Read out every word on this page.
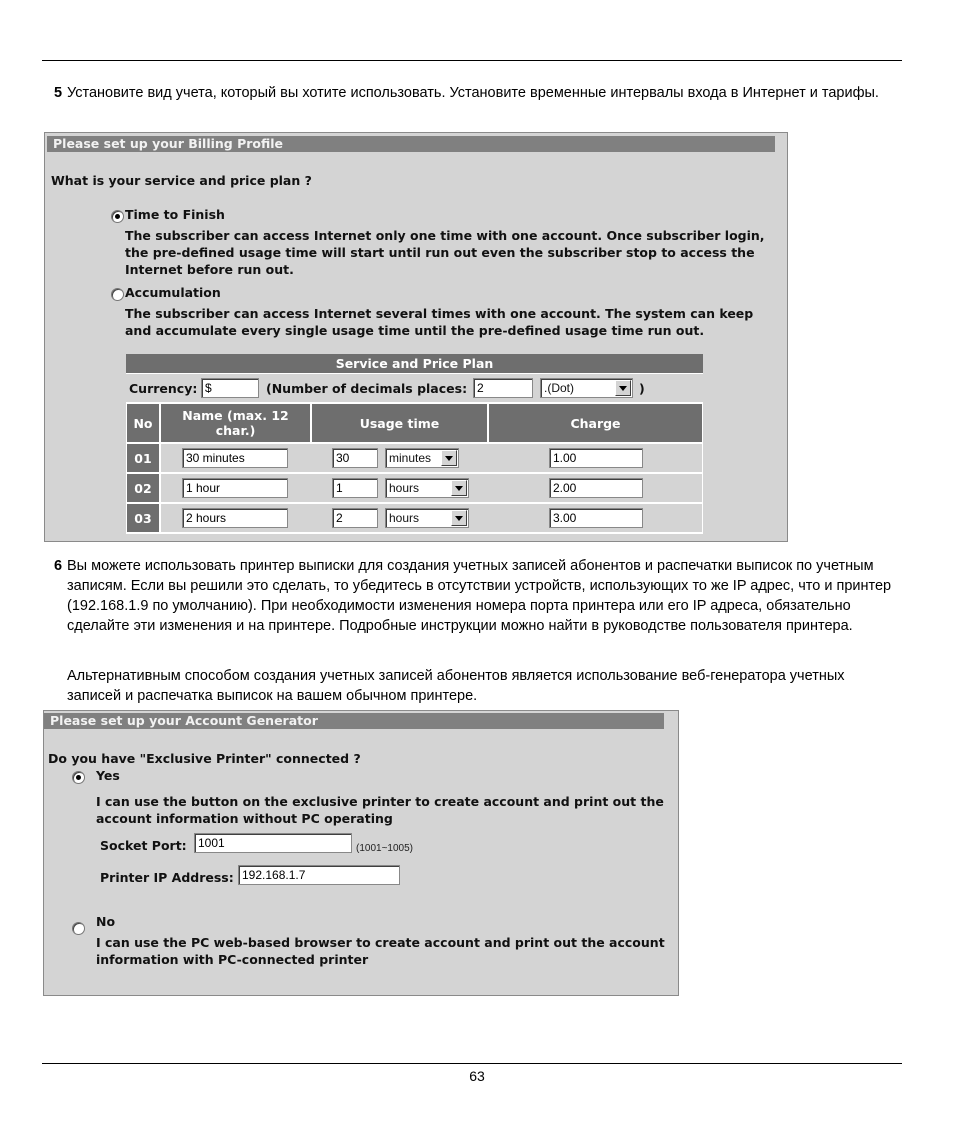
5 Установите вид учета, который вы хотите использовать. Установите временные интервалы входа в Интернет и тарифы.
Please set up your Billing Profile
What is your service and price plan ?
Time to Finish
The subscriber can access Internet only one time with one account. Once subscriber login, the pre-defined usage time will start until run out even the subscriber stop to access the Internet before run out.
Accumulation
The subscriber can access Internet several times with one account. The system can keep and accumulate every single usage time until the pre-defined usage time run out.
Service and Price Plan
Currency: $	(Number of decimals places: 2	.(Dot)	)
No	Name (max. 12 char.)	Usage time	Charge
01	30 minutes	30	minutes	1.00
02	1 hour	1	hours	2.00
03	2 hours	2	hours	3.00
6 Вы можете использовать принтер выписки для создания учетных записей абонентов и распечатки выписок по учетным записям. Если вы решили это сделать, то убедитесь в отсутствии устройств, использующих то же IP адрес, что и принтер (192.168.1.9 по умолчанию). При необходимости изменения номера порта принтера или его IP адреса, обязательно сделайте эти изменения и на принтере. Подробные инструкции можно найти в руководстве пользователя принтера.
Альтернативным способом создания учетных записей абонентов является использование веб-генератора учетных записей и распечатка выписок на вашем обычном принтере.
Please set up your Account Generator
Do you have "Exclusive Printer" connected ?
Yes
I can use the button on the exclusive printer to create account and print out the account information without PC operating
Socket Port: 1001	(1001~1005)
Printer IP Address: 192.168.1.7
No
I can use the PC web-based browser to create account and print out the account information with PC-connected printer
63
